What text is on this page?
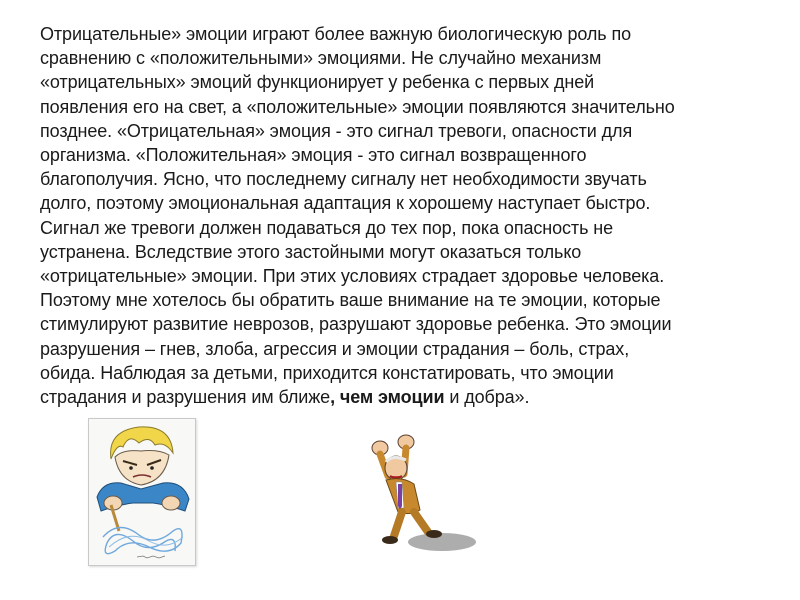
Отрицательные» эмоции играют более важную биологическую роль по
сравнению с «положительными» эмоциями. Не случайно механизм
«отрицательных» эмоций функционирует у ребенка с первых дней
появления его на свет, а «положительные» эмоции появляются значительно
позднее. «Отрицательная» эмоция - это сигнал тревоги, опасности для
организма. «Положительная» эмоция - это сигнал возвращенного
благополучия. Ясно, что последнему сигналу нет необходимости звучать
долго, поэтому эмоциональная адаптация к хорошему наступает быстро.
Сигнал же тревоги должен подаваться до тех пор, пока опасность не
устранена. Вследствие этого застойными могут оказаться только
«отрицательные» эмоции. При этих условиях страдает здоровье человека.
Поэтому мне хотелось бы обратить ваше внимание на те эмоции, которые
стимулируют развитие неврозов, разрушают здоровье ребенка. Это эмоции
разрушения – гнев, злоба, агрессия и эмоции страдания – боль, страх,
обида. Наблюдая за детьми, приходится констатировать, что эмоции
страдания и разрушения им ближе, чем эмоции и добра».
